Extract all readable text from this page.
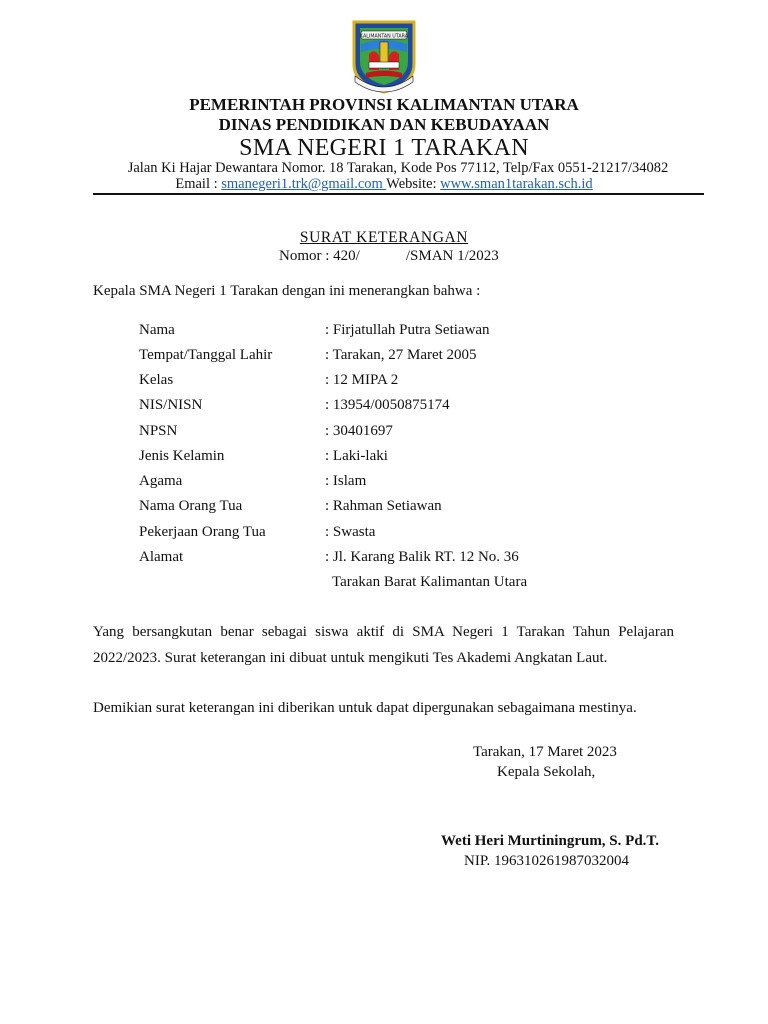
KALIMANTAN UTARA
PEMERINTAH PROVINSI KALIMANTAN UTARA
DINAS PENDIDIKAN DAN KEBUDAYAAN
SMA NEGERI 1 TARAKAN
Jalan Ki Hajar Dewantara Nomor. 18 Tarakan, Kode Pos 77112, Telp/Fax 0551-21217/34082
Email : smanegeri1.trk@gmail.com Website: www.sman1tarakan.sch.id
SURAT KETERANGAN
Nomor : 420/	/SMAN 1/2023
Kepala SMA Negeri 1 Tarakan dengan ini menerangkan bahwa :
Nama	: Firjatullah Putra Setiawan
Tempat/Tanggal Lahir	: Tarakan, 27 Maret 2005
Kelas	: 12 MIPA 2
NIS/NISN	: 13954/0050875174
NPSN	: 30401697
Jenis Kelamin	: Laki-laki
Agama	: Islam
Nama Orang Tua	: Rahman Setiawan
Pekerjaan Orang Tua	: Swasta
Alamat	: Jl. Karang Balik RT. 12 No. 36
Tarakan Barat Kalimantan Utara
Yang bersangkutan benar sebagai siswa aktif di SMA Negeri 1 Tarakan Tahun Pelajaran
2022/2023. Surat keterangan ini dibuat untuk mengikuti Tes Akademi Angkatan Laut.
Demikian surat keterangan ini diberikan untuk dapat dipergunakan sebagaimana mestinya.
Tarakan, 17 Maret 2023
Kepala Sekolah,
Weti Heri Murtiningrum, S. Pd.T.
NIP. 196310261987032004
